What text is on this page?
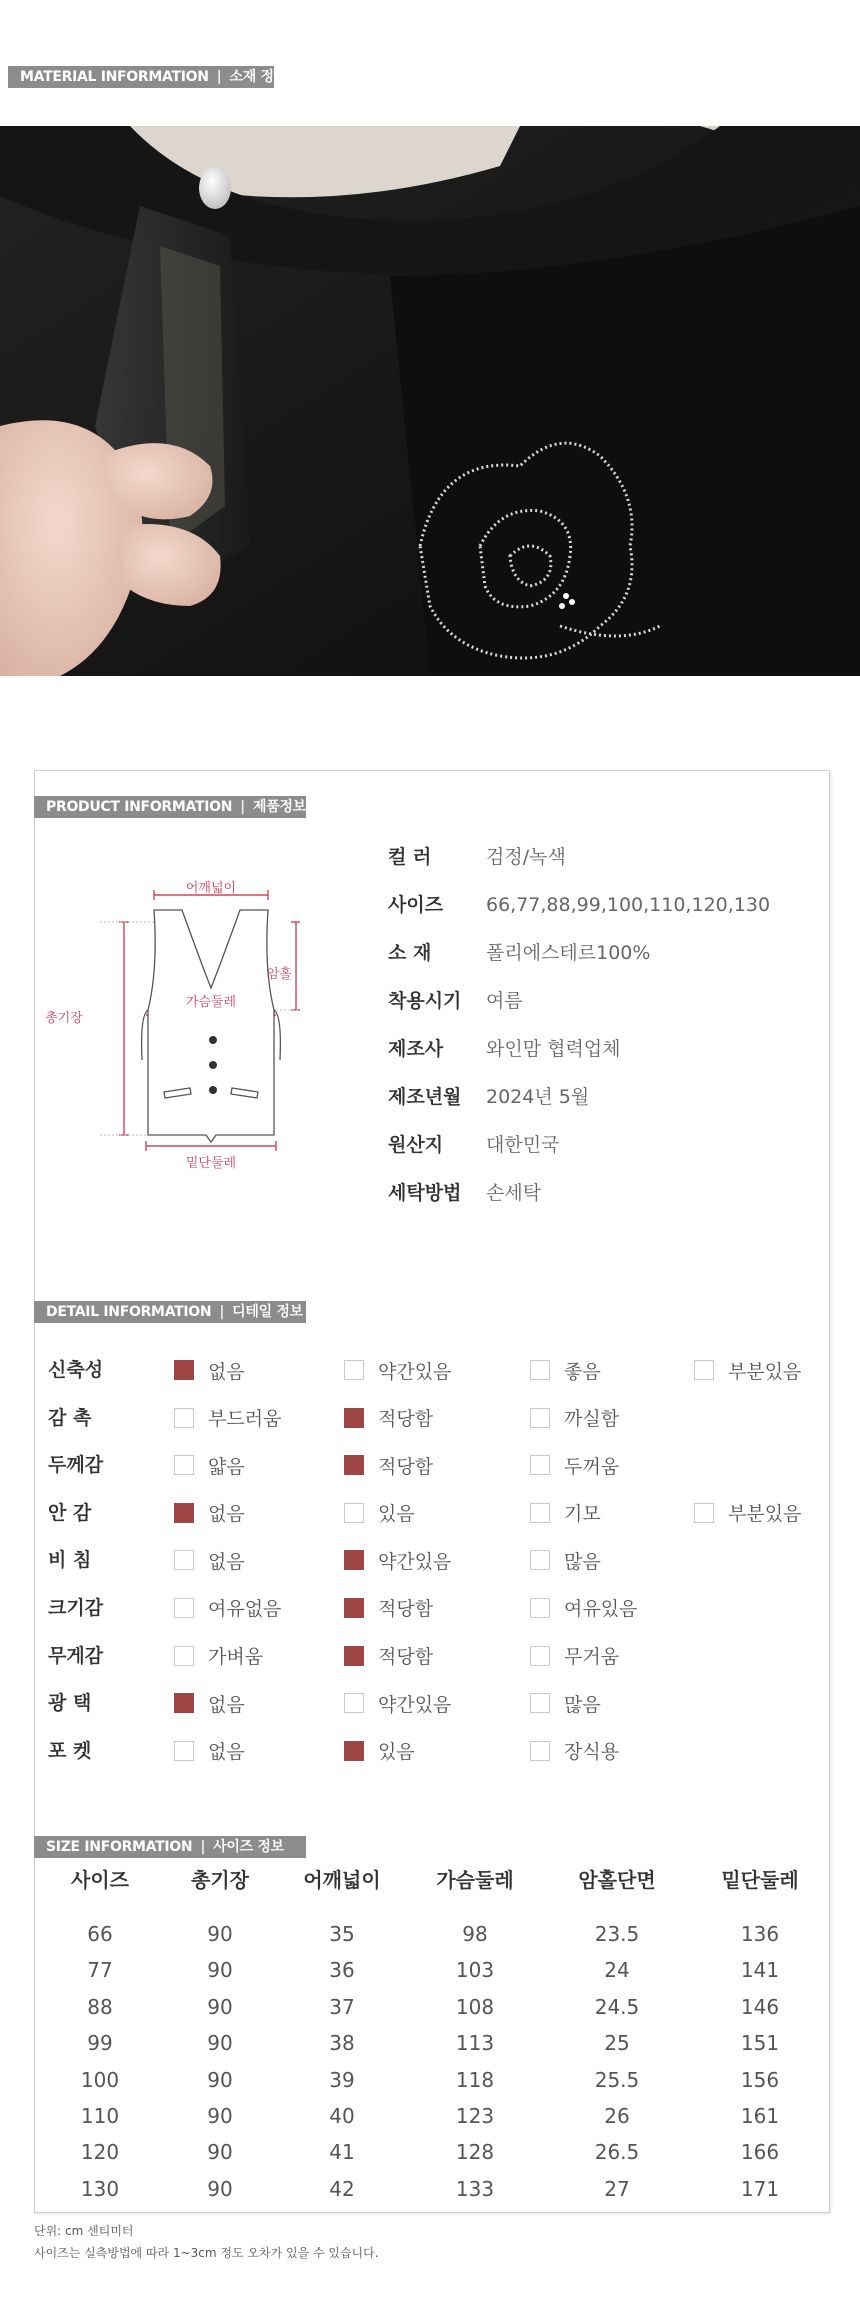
MATERIAL INFORMATION | 소재 정보
PRODUCT INFORMATION | 제품정보
어깨넓이
암홀
총기장
가슴둘레
밑단둘레
컬 러	검정/녹색
사이즈	66,77,88,99,100,110,120,130
소 재	폴리에스테르100%
착용시기	여름
제조사	와인맘 협력업체
제조년월	2024년 5월
원산지	대한민국
세탁방법	손세탁
DETAIL INFORMATION | 디테일 정보
신축성	없음	약간있음	좋음	부분있음
감 촉	부드러움	적당함	까실함
두께감	얇음	적당함	두꺼움
안 감	없음	있음	기모	부분있음
비 침	없음	약간있음	많음
크기감	여유없음	적당함	여유있음
무게감	가벼움	적당함	무거움
광 택	없음	약간있음	많음
포 켓	없음	있음	장식용
SIZE INFORMATION | 사이즈 정보
사이즈	총기장	어깨넓이	가슴둘레	암홀단면	밑단둘레
66	90	35	98	23.5	136
77	90	36	103	24	141
88	90	37	108	24.5	146
99	90	38	113	25	151
100	90	39	118	25.5	156
110	90	40	123	26	161
120	90	41	128	26.5	166
130	90	42	133	27	171
단위: cm 센티미터
사이즈는 실측방법에 따라 1~3cm 정도 오차가 있을 수 있습니다.
